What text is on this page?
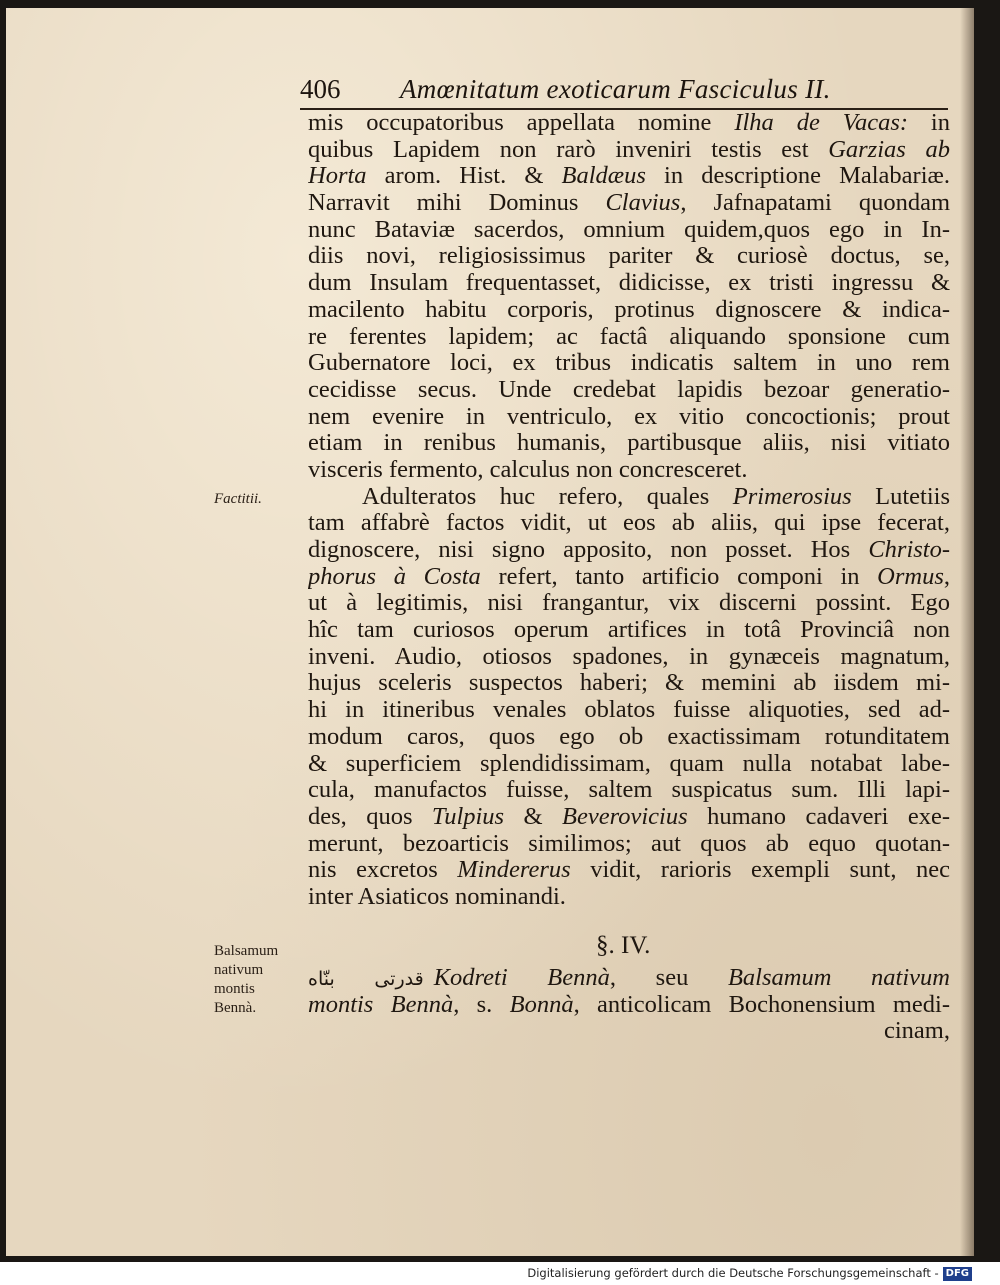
406 Amœnitatum exoticarum Fasciculus II.
Factitii.
Balsamum
nativum
montis
Bennà.
mis occupatoribus appellata nomine Ilha de Vacas: in
quibus Lapidem non rarò inveniri testis est Garzias ab
Horta arom. Hist. & Baldæus in descriptione Malabariæ.
Narravit mihi Dominus Clavius, Jafnapatami quondam
nunc Bataviæ sacerdos, omnium quidem,quos ego in In-
diis novi, religiosissimus pariter & curiosè doctus, se,
dum Insulam frequentasset, didicisse, ex tristi ingressu &
macilento habitu corporis, protinus dignoscere & indica-
re ferentes lapidem; ac factâ aliquando sponsione cum
Gubernatore loci, ex tribus indicatis saltem in uno rem
cecidisse secus. Unde credebat lapidis bezoar generatio-
nem evenire in ventriculo, ex vitio concoctionis; prout
etiam in renibus humanis, partibusque aliis, nisi vitiato
visceris fermento, calculus non concresceret.
Adulteratos huc refero, quales Primerosius Lutetiis
tam affabrè factos vidit, ut eos ab aliis, qui ipse fecerat,
dignoscere, nisi signo apposito, non posset. Hos Christo-
phorus à Costa refert, tanto artificio componi in Ormus,
ut à legitimis, nisi frangantur, vix discerni possint. Ego
hîc tam curiosos operum artifices in totâ Provinciâ non
inveni. Audio, otiosos spadones, in gynæceis magnatum,
hujus sceleris suspectos haberi; & memini ab iisdem mi-
hi in itineribus venales oblatos fuisse aliquoties, sed ad-
modum caros, quos ego ob exactissimam rotunditatem
& superficiem splendidissimam, quam nulla notabat labe-
cula, manufactos fuisse, saltem suspicatus sum. Illi lapi-
des, quos Tulpius & Beverovicius humano cadaveri exe-
merunt, bezoarticis similimos; aut quos ab equo quotan-
nis excretos Mindererus vidit, rarioris exempli sunt, nec
inter Asiaticos nominandi.
§. IV.
قدرتی بنّاه Kodreti Bennà, seu Balsamum nativum
montis Bennà, s. Bonnà, anticolicam Bochonensium medi-
cinam,
Digitalisierung gefördert durch die Deutsche Forschungsgemeinschaft - DFG
